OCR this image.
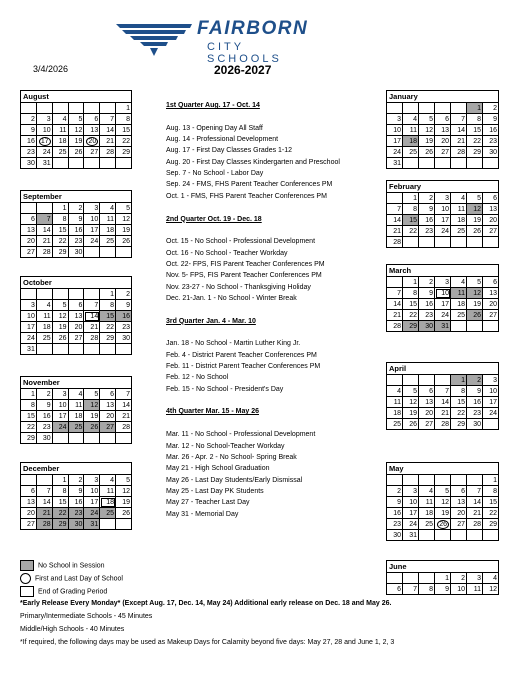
FAIRBORN
CITY SCHOOLS
3/4/2026	2026-2027
August
						1
2	3	4	5	6	7	8
9	10	11	12	13	14	15
16	17	18	19	20	21	22
23	24	25	26	27	28	29
30	31					
September
		1	2	3	4	5
6	7	8	9	10	11	12
13	14	15	16	17	18	19
20	21	22	23	24	25	26
27	28	29	30			
October
					1	2
3	4	5	6	7	8	9
10	11	12	13	14	15	16
17	18	19	20	21	22	23
24	25	26	27	28	29	30
31						
November
1	2	3	4	5	6	7
8	9	10	11	12	13	14
15	16	17	18	19	20	21
22	23	24	25	26	27	28
29	30					
December
		1	2	3	4	5
6	7	8	9	10	11	12
13	14	15	16	17	18	19
20	21	22	23	24	25	26
27	28	29	30	31		
January
					1	2
3	4	5	6	7	8	9
10	11	12	13	14	15	16
17	18	19	20	21	22	23
24	25	26	27	28	29	30
31						
February
	1	2	3	4	5	6
7	8	9	10	11	12	13
14	15	16	17	18	19	20
21	22	23	24	25	26	27
28						
March
	1	2	3	4	5	6
7	8	9	10	11	12	13
14	15	16	17	18	19	20
21	22	23	24	25	26	27
28	29	30	31			
April
				1	2	3
4	5	6	7	8	9	10
11	12	13	14	15	16	17
18	19	20	21	22	23	24
25	26	27	28	29	30	
May
						1
2	3	4	5	6	7	8
9	10	11	12	13	14	15
16	17	18	19	20	21	22
23	24	25	26	27	28	29
30	31					
June
			1	2	3	4
6	7	8	9	10	11	12
1st Quarter Aug. 17 - Oct. 14
Aug. 13 - Opening Day All Staff
Aug. 14 - Professional Development
Aug. 17 - First Day Classes Grades 1-12
Aug. 20 - First Day Classes Kindergarten and Preschool
Sep. 7 - No School - Labor Day
Sep. 24 - FMS, FHS Parent Teacher Conferences PM
Oct. 1 - FMS, FHS Parent Teacher Conferences PM
2nd Quarter Oct. 19 - Dec. 18
Oct. 15 - No School - Professional Development
Oct. 16 - No School - Teacher Workday
Oct. 22- FPS, FIS Parent Teacher Conferences PM
Nov. 5- FPS, FIS Parent Teacher Conferences PM
Nov. 23-27 - No School - Thanksgiving Holiday
Dec. 21-Jan. 1 - No School - Winter Break
3rd Quarter Jan. 4 - Mar. 10
Jan. 18 - No School - Martin Luther King Jr.
Feb. 4 - District Parent Teacher Conferences PM
Feb. 11 - District Parent Teacher Conferences PM
Feb. 12 - No School
Feb. 15 - No School - President's Day
4th Quarter Mar. 15 - May 26
Mar. 11 - No School - Professional Development
Mar. 12 - No School-Teacher Workday
Mar. 26 - Apr. 2 - No School- Spring Break
May 21 - High School Graduation
May 26 - Last Day Students/Early Dismissal
May 25 - Last Day PK Students
May 27 - Teacher Last Day
May 31 - Memorial Day
No School in Session
First and Last Day of School
End of Grading Period
*Early Release Every Monday* (Except Aug. 17, Dec. 14, May 24) Additional early release on Dec. 18 and May 26.
Primary/Intermediate Schools - 45 Minutes
Middle/High Schools - 40 Minutes
*If required, the following days may be used as Makeup Days for Calamity beyond five days: May 27, 28 and June 1, 2, 3
